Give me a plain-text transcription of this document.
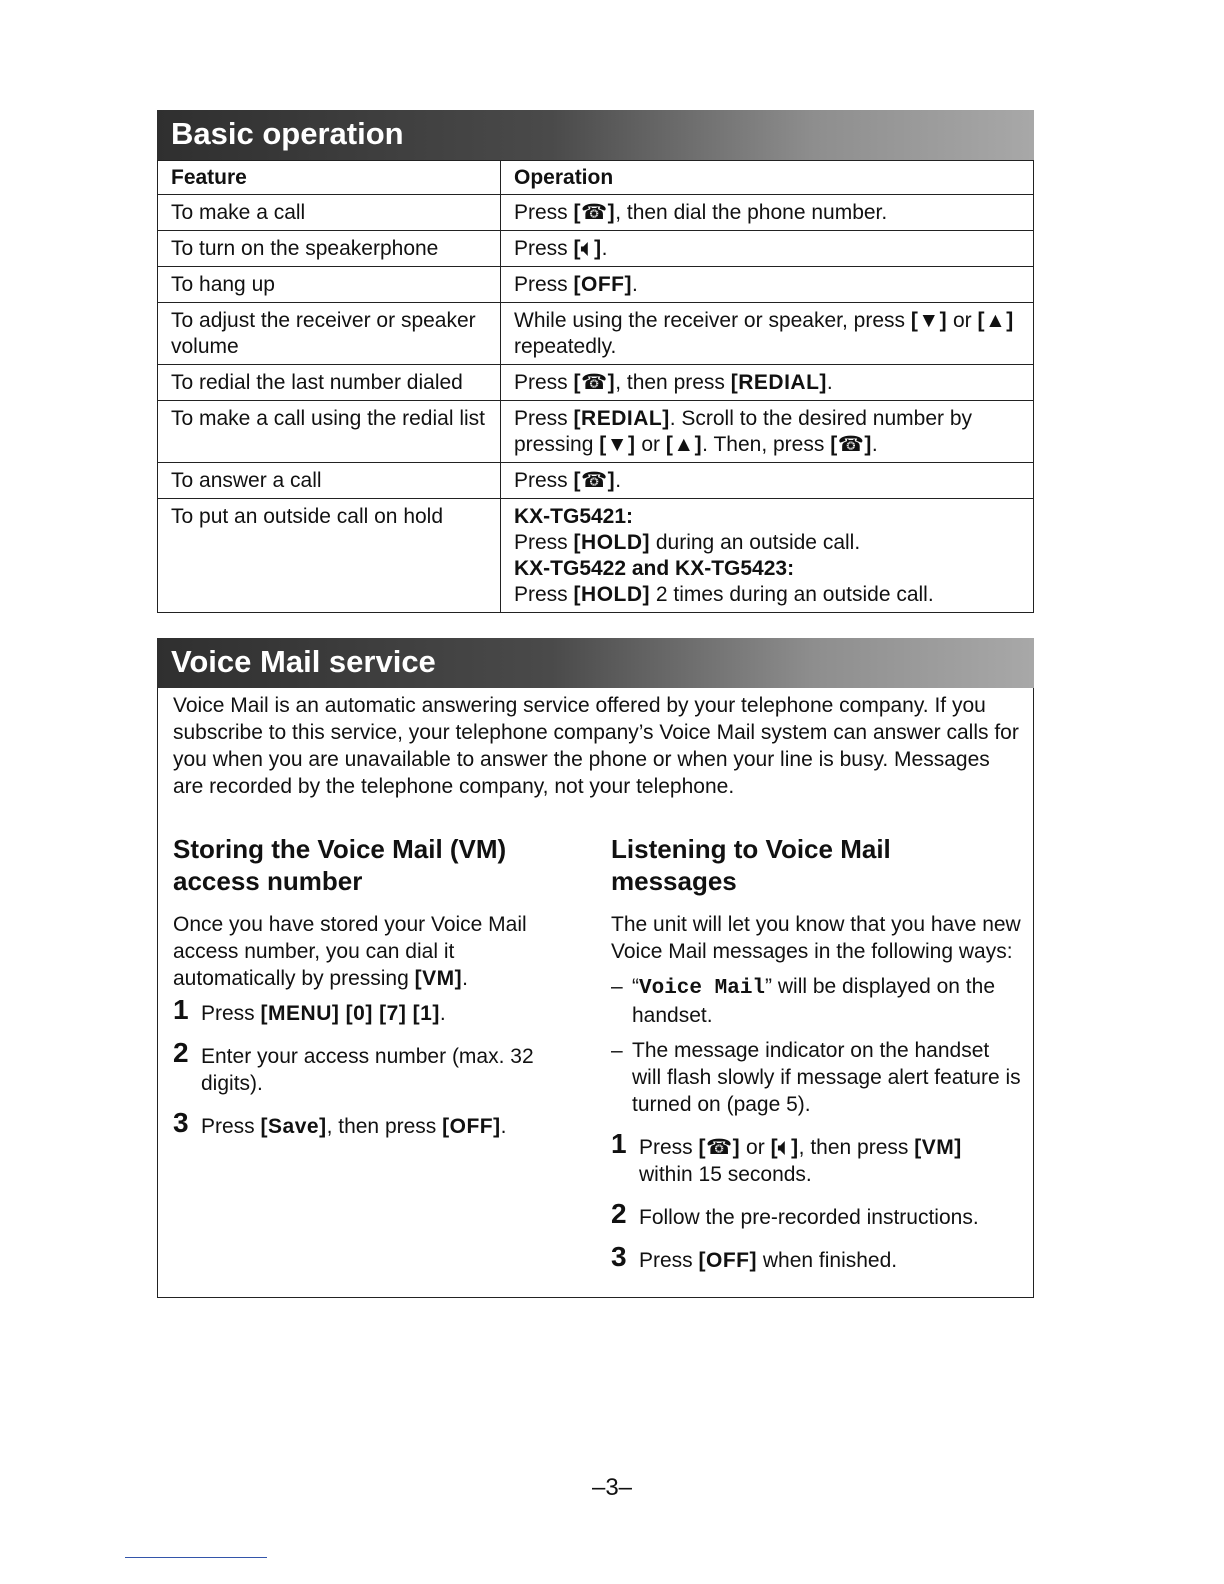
Basic operation
Feature	Operation
To make a call	Press [☎], then dial the phone number.
To turn on the speakerphone	Press [🔈︎].
To hang up	Press [OFF].
To adjust the receiver or speaker volume	While using the receiver or speaker, press [▼] or [▲] repeatedly.
To redial the last number dialed	Press [☎], then press [REDIAL].
To make a call using the redial list	Press [REDIAL]. Scroll to the desired number by pressing [▼] or [▲]. Then, press [☎].
To answer a call	Press [☎].
To put an outside call on hold	KX-TG5421:
Press [HOLD] during an outside call.
KX-TG5422 and KX-TG5423:
Press [HOLD] 2 times during an outside call.
Voice Mail service

Voice Mail is an automatic answering service offered by your telephone company. If you subscribe to this service, your telephone company’s Voice Mail system can answer calls for you when you are unavailable to answer the phone or when your line is busy. Messages are recorded by the telephone company, not your telephone.

Storing the Voice Mail (VM) access number

Once you have stored your Voice Mail access number, you can dial it automatically by pressing [VM].

1 Press [MENU] [0] [7] [1].
2 Enter your access number (max. 32 digits).
3 Press [Save], then press [OFF].
Listening to Voice Mail messages

The unit will let you know that you have new Voice Mail messages in the following ways:

– “Voice Mail” will be displayed on the handset.
– The message indicator on the handset will flash slowly if message alert feature is turned on (page 5).
1 Press [☎] or [🔈︎], then press [VM] within 15 seconds.
2 Follow the pre-recorded instructions.
3 Press [OFF] when finished.
–3–
